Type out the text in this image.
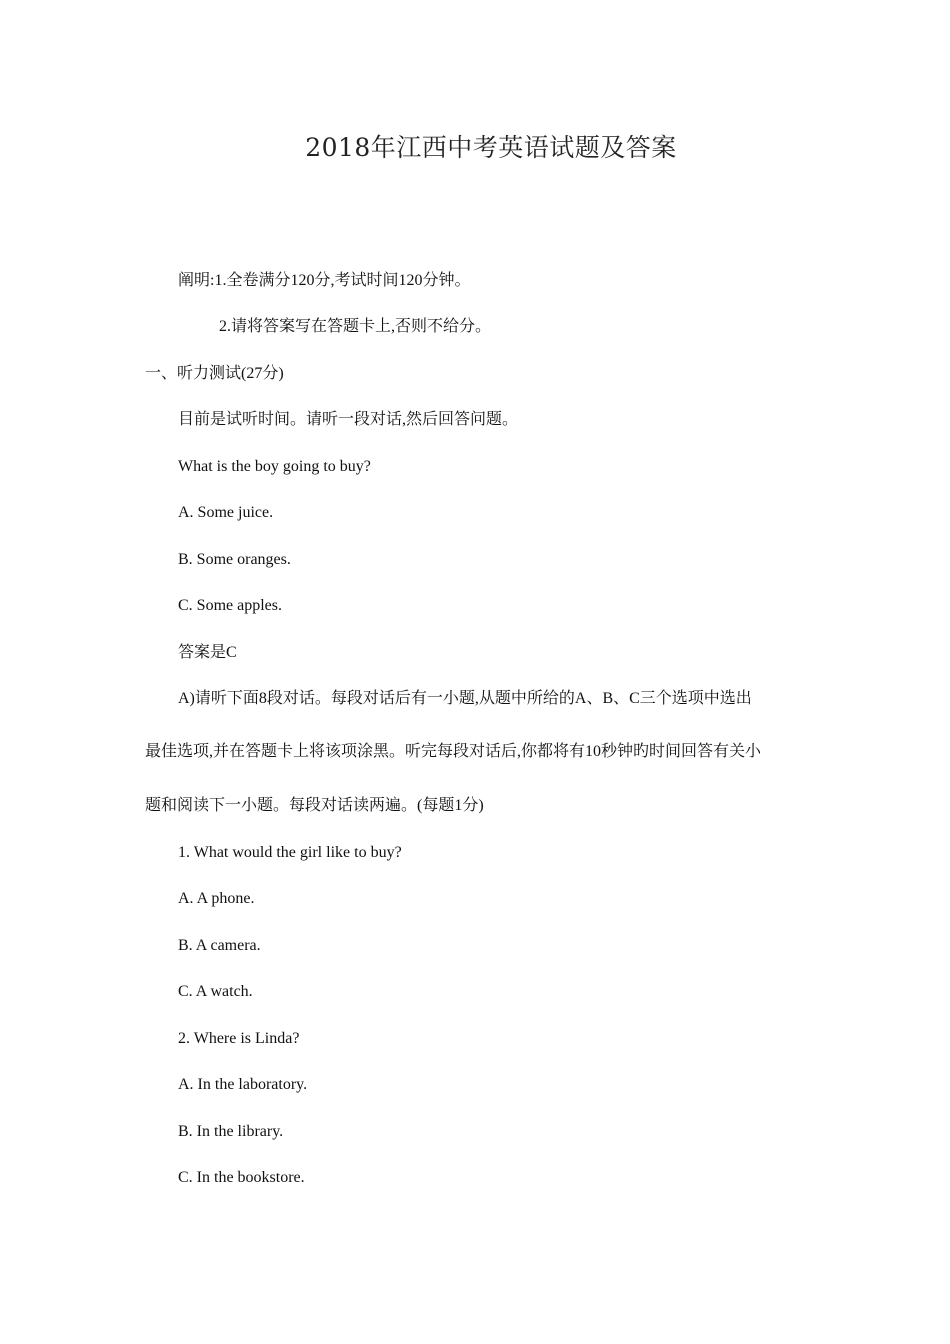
2018年江西中考英语试题及答案
阐明:1.全卷满分120分,考试时间120分钟。
2.请将答案写在答题卡上,否则不给分。
一、听力测试(27分)
目前是试听时间。请听一段对话,然后回答问题。
What is the boy going to buy?
A. Some juice.
B. Some oranges.
C. Some apples.
答案是C
A)请听下面8段对话。每段对话后有一小题,从题中所给的A、B、C三个选项中选出
最佳选项,并在答题卡上将该项涂黑。听完每段对话后,你都将有10秒钟旳时间回答有关小
题和阅读下一小题。每段对话读两遍。(每题1分)
1. What would the girl like to buy?
A. A phone.
B. A camera.
C. A watch.
2. Where is Linda?
A. In the laboratory.
B. In the library.
C. In the bookstore.
